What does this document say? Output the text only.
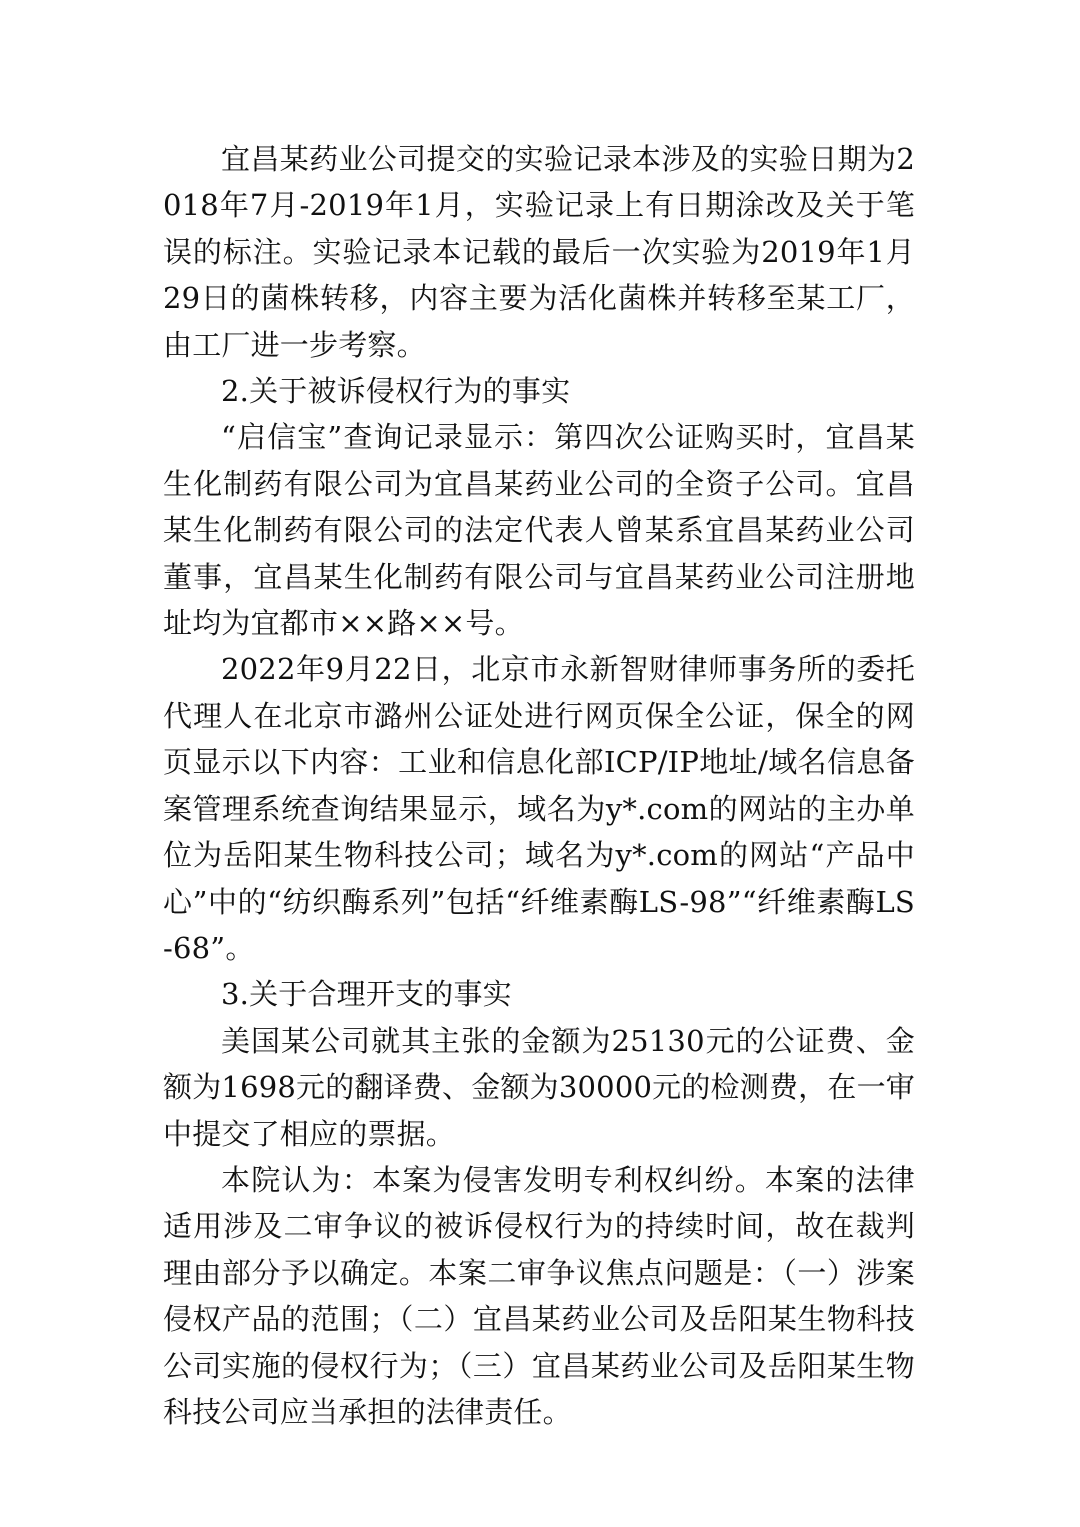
宜昌某药业公司提交的实验记录本涉及的实验日期为2018年7月-2019年1月，实验记录上有日期涂改及关于笔误的标注。实验记录本记载的最后一次实验为2019年1月29日的菌株转移，内容主要为活化菌株并转移至某工厂，由工厂进一步考察。

2.关于被诉侵权行为的事实

“启信宝”查询记录显示：第四次公证购买时，宜昌某生化制药有限公司为宜昌某药业公司的全资子公司。宜昌某生化制药有限公司的法定代表人曾某系宜昌某药业公司董事，宜昌某生化制药有限公司与宜昌某药业公司注册地址均为宜都市××路××号。

2022年9月22日，北京市永新智财律师事务所的委托代理人在北京市潞州公证处进行网页保全公证，保全的网页显示以下内容：工业和信息化部ICP/IP地址/域名信息备案管理系统查询结果显示，域名为y*.com的网站的主办单位为岳阳某生物科技公司；域名为y*.com的网站“产品中心”中的“纺织酶系列”包括“纤维素酶LS-98”“纤维素酶LS-68”。

3.关于合理开支的事实

美国某公司就其主张的金额为25130元的公证费、金额为1698元的翻译费、金额为30000元的检测费，在一审中提交了相应的票据。

本院认为：本案为侵害发明专利权纠纷。本案的法律适用涉及二审争议的被诉侵权行为的持续时间，故在裁判理由部分予以确定。本案二审争议焦点问题是：（一）涉案侵权产品的范围；（二）宜昌某药业公司及岳阳某生物科技公司实施的侵权行为；（三）宜昌某药业公司及岳阳某生物科技公司应当承担的法律责任。
